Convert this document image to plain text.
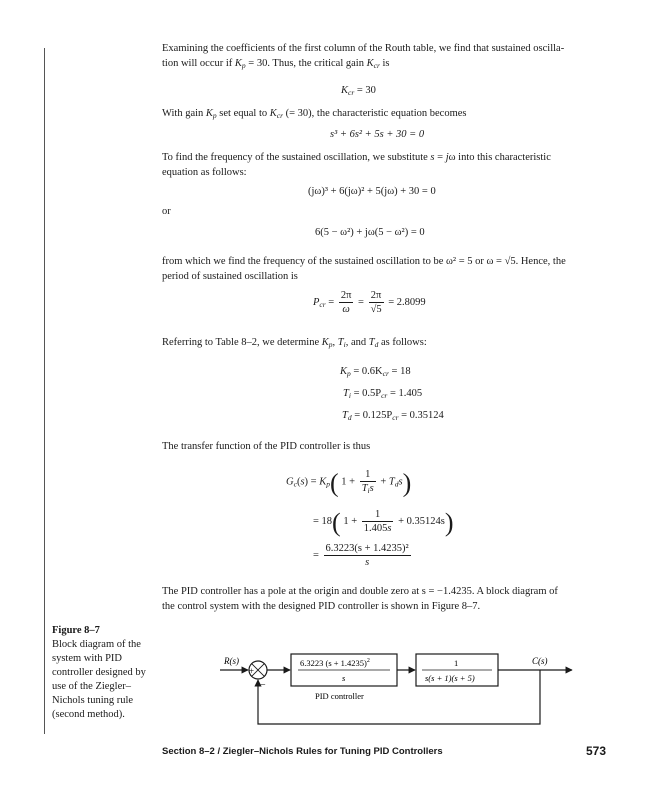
Examining the coefficients of the first column of the Routh table, we find that sustained oscilla-
tion will occur if $K_p = 30$. Thus, the critical gain $K_{cr}$ is
$K_{cr} = 30$
With gain $K_p$ set equal to $K_{cr}$ (= 30), the characteristic equation becomes
s³ + 6s² + 5s + 30 = 0
To find the frequency of the sustained oscillation, we substitute s = jω into this characteristic
equation as follows:
(jω)³ + 6(jω)² + 5(jω) + 30 = 0
or
6(5 − ω²) + jω(5 − ω²) = 0
from which we find the frequency of the sustained oscillation to be ω² = 5 or ω = √5. Hence, the
period of sustained oscillation is
$P_{cr} = \frac{2\pi}{\omega} = \frac{2\pi}{√5} = 2.8099$
Referring to Table 8–2, we determine $K_p$, $T_i$, and $T_d$ as follows:
$K_p = 0.6K_{cr} = 18$
$T_i = 0.5P_{cr} = 1.405$
$T_d = 0.125P_{cr} = 0.35124$
The transfer function of the PID controller is thus
$G_c(s) = K_p$( $1 + \frac{1}{T_is} + T_ds$)
= 18( $1 + \frac{1}{1.405s} + 0.35124s$)
= $\frac{\text{6.3223(s + 1.4235)²}}{s}$
The PID controller has a pole at the origin and double zero at s = −1.4235. A block diagram of
the control system with the designed PID controller is shown in Figure 8–7.
Figure 8–7
Block diagram of the system with PID controller designed by use of the Ziegler–Nichols tuning rule (second method).
R(s)
+
−
6.3223 $(s + 1.4235)^2$
s
PID controller
1
s(s + 1)(s + 5)
C(s)
Section 8–2 / Ziegler–Nichols Rules for Tuning PID Controllers	573
